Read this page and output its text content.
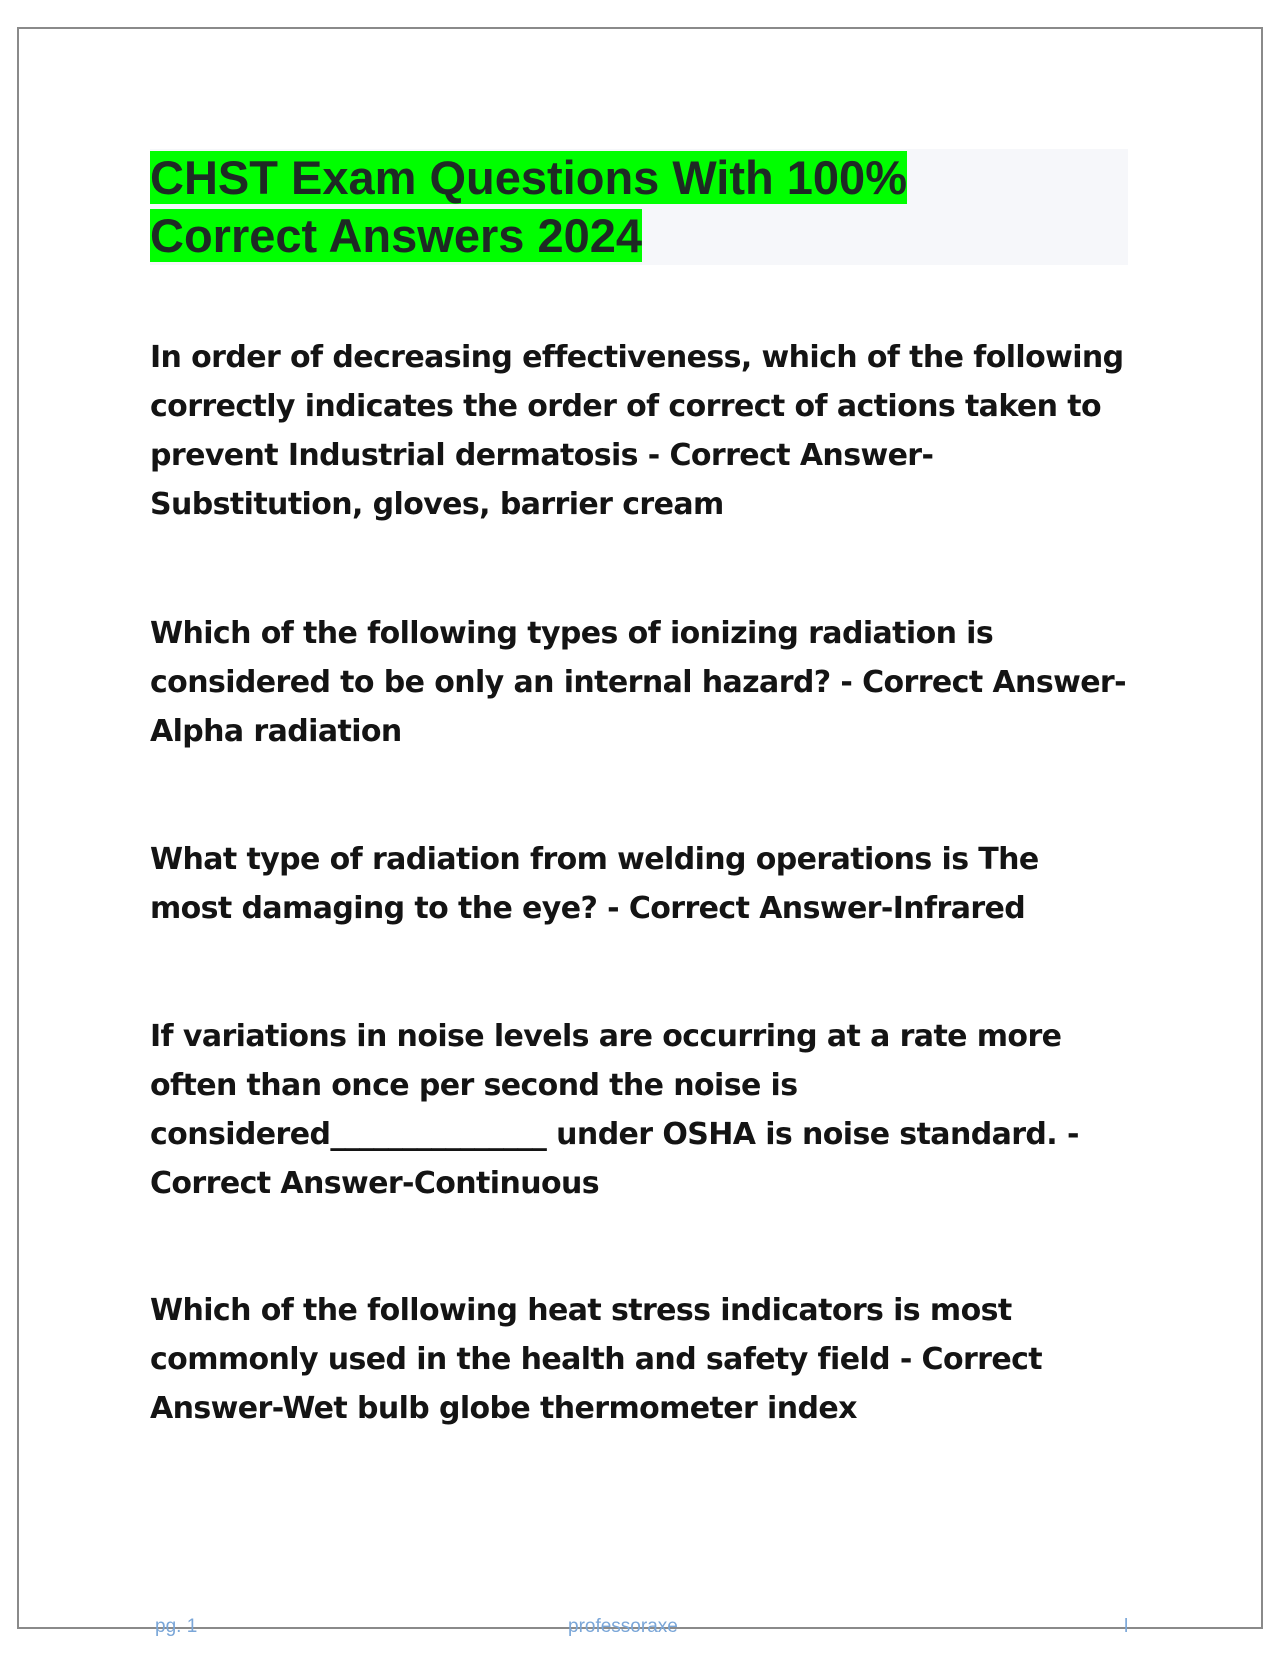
CHST Exam Questions With 100%
Correct Answers 2024

In order of decreasing effectiveness, which of the following correctly indicates the order of correct of actions taken to prevent Industrial dermatosis - Correct Answer-Substitution, gloves, barrier cream

Which of the following types of ionizing radiation is considered to be only an internal hazard? - Correct Answer-Alpha radiation

What type of radiation from welding operations is The most damaging to the eye? - Correct Answer-Infrared

If variations in noise levels are occurring at a rate more often than once per second the noise is considered_______________ under OSHA is noise standard. - Correct Answer-Continuous

Which of the following heat stress indicators is most commonly used in the health and safety field - Correct Answer-Wet bulb globe thermometer index

pg. 1	professoraxe	l
